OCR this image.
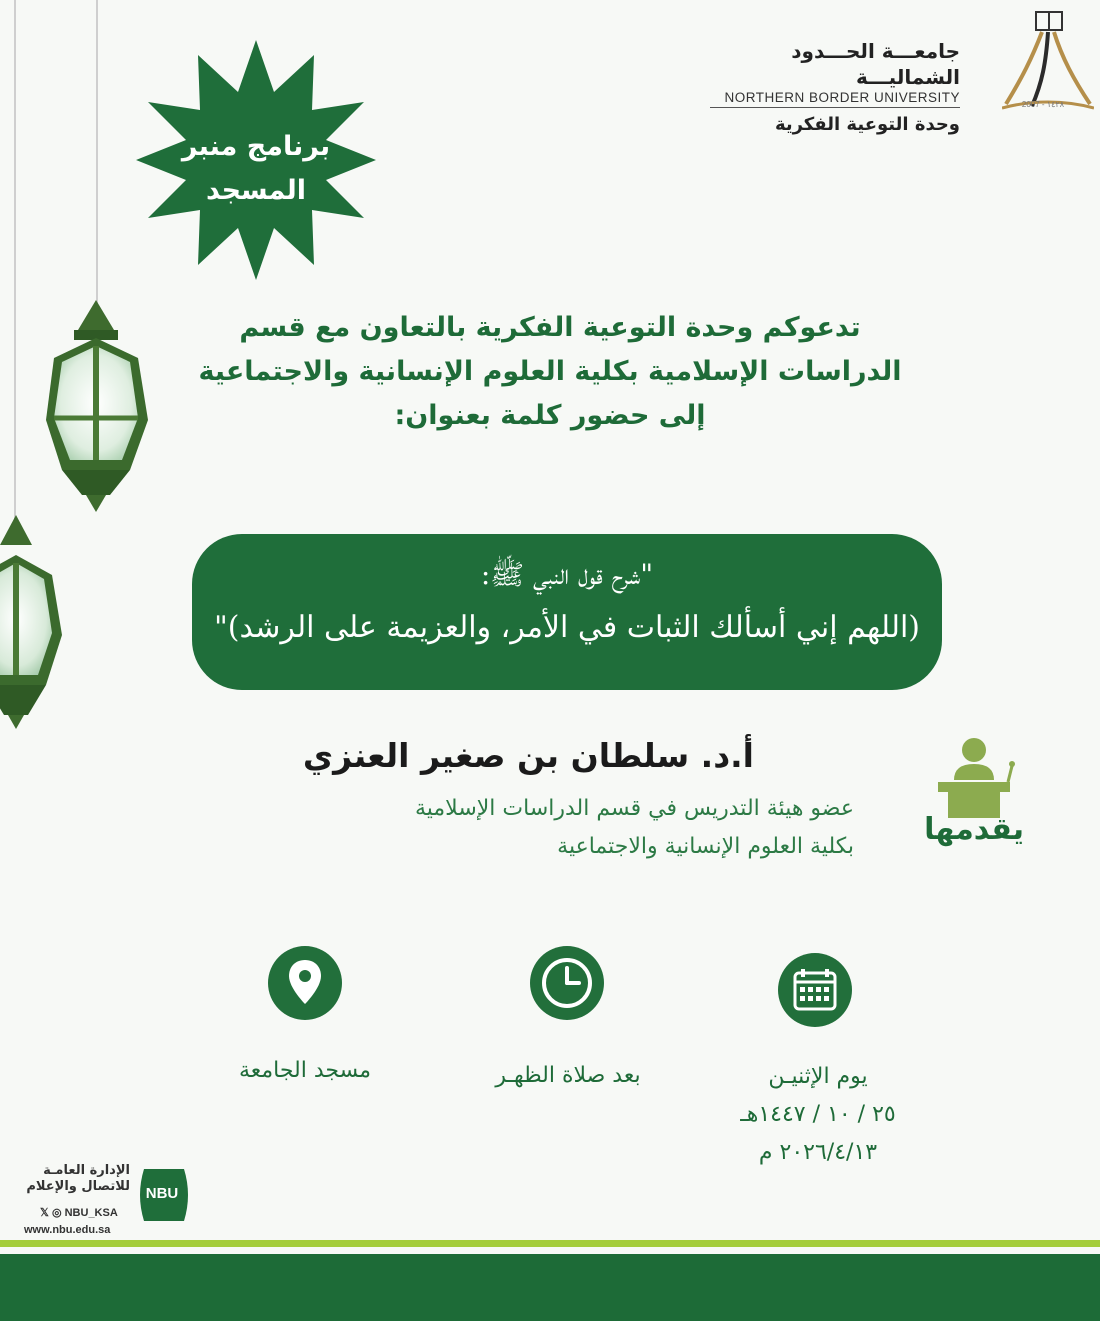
جامعـــة الحـــدود الشماليـــة
NORTHERN BORDER UNIVERSITY
وحدة التوعية الفكرية
2007 - ١٤٢٨
برنامج منبر
المسجد
تدعوكم وحدة التوعية الفكرية بالتعاون مع قسم
الدراسات الإسلامية بكلية العلوم الإنسانية والاجتماعية
إلى حضور كلمة بعنوان:
"شرح قول النبي ﷺ:
(اللهم إني أسألك الثبات في الأمر، والعزيمة على الرشد)"
أ.د. سلطان بن صغير العنزي
عضو هيئة التدريس في قسم الدراسات الإسلامية
بكلية العلوم الإنسانية والاجتماعية يقدمها
مسجد الجامعة	بعد صلاة الظهـر	يوم الإثنيـن
٢٥ / ١٠ / ١٤٤٧هـ
٢٠٢٦/٤/١٣ م
الإدارة العامـة
للاتصال والإعلام
𝕏 ◎ NBU_KSA
www.nbu.edu.sa
NBU
